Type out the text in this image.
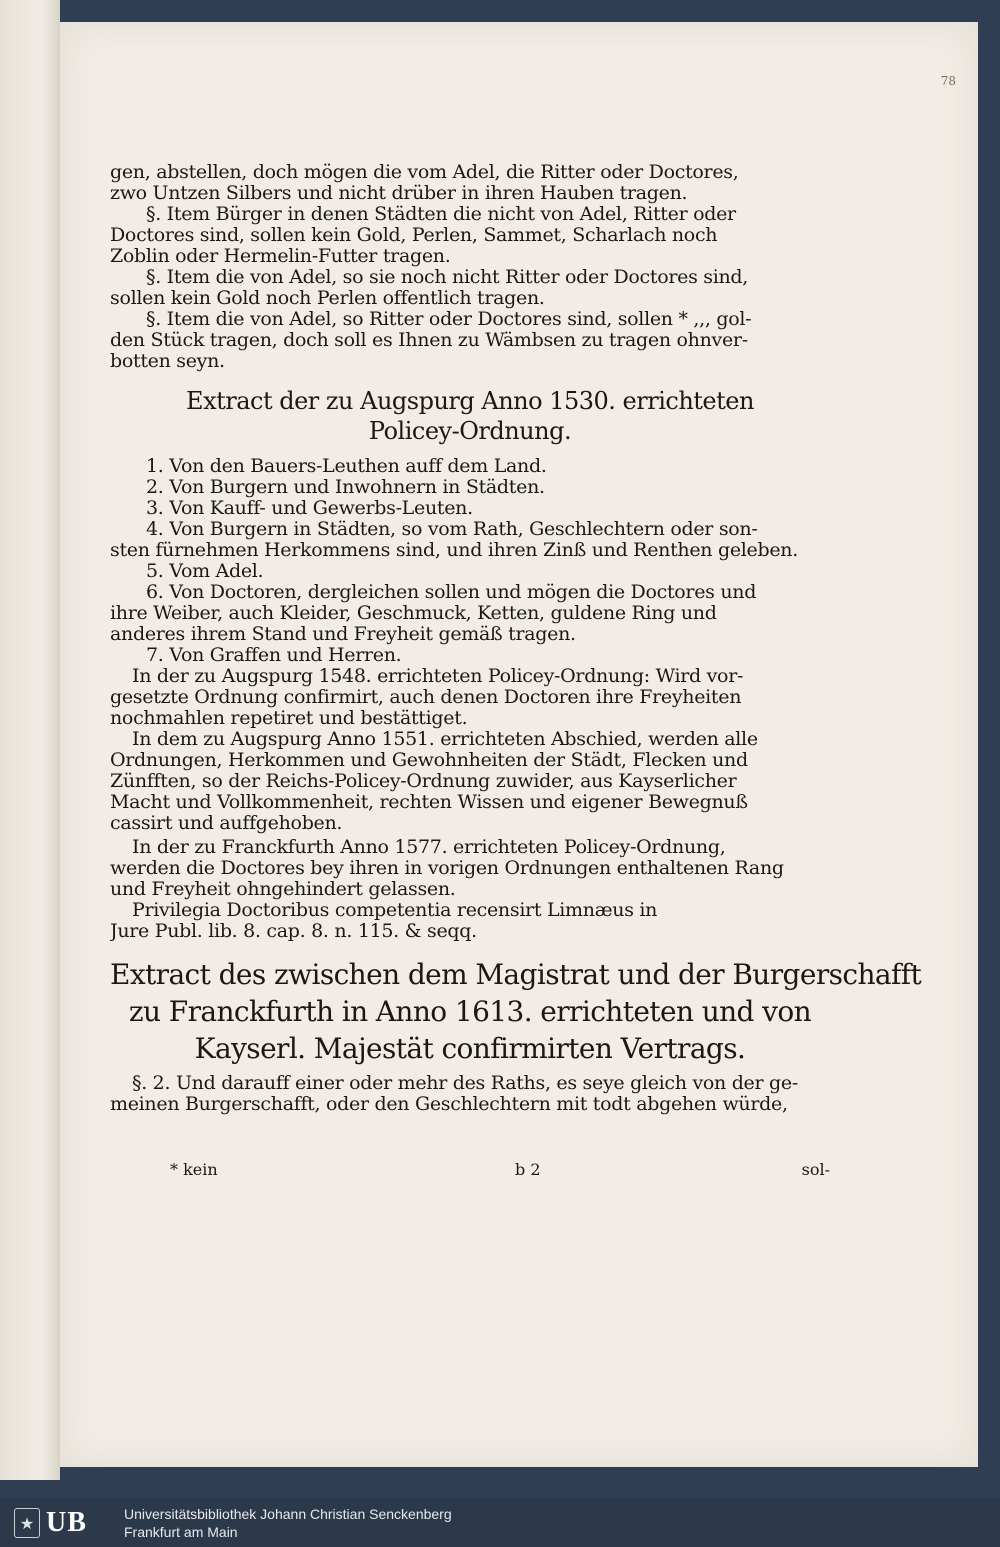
78
gen, abstellen, doch mögen die vom Adel, die Ritter oder Doctores,
zwo Untzen Silbers und nicht drüber in ihren Hauben tragen.
§. Item Bürger in denen Städten die nicht von Adel, Ritter oder
Doctores sind, sollen kein Gold, Perlen, Sammet, Scharlach noch
Zoblin oder Hermelin-Futter tragen.
§. Item die von Adel, so sie noch nicht Ritter oder Doctores sind,
sollen kein Gold noch Perlen offentlich tragen.
§. Item die von Adel, so Ritter oder Doctores sind, sollen * ,,, gol-
den Stück tragen, doch soll es Ihnen zu Wämbsen zu tragen ohnver-
botten seyn.
Extract der zu Augspurg Anno 1530. errichteten
Policey-Ordnung.
1. Von den Bauers-Leuthen auff dem Land.
2. Von Burgern und Inwohnern in Städten.
3. Von Kauff- und Gewerbs-Leuten.
4. Von Burgern in Städten, so vom Rath, Geschlechtern oder son-
sten fürnehmen Herkommens sind, und ihren Zinß und Renthen geleben.
5. Vom Adel.
6. Von Doctoren, dergleichen sollen und mögen die Doctores und
ihre Weiber, auch Kleider, Geschmuck, Ketten, guldene Ring und
anderes ihrem Stand und Freyheit gemäß tragen.
7. Von Graffen und Herren.
In der zu Augspurg 1548. errichteten Policey-Ordnung: Wird vor-
gesetzte Ordnung confirmirt, auch denen Doctoren ihre Freyheiten
nochmahlen repetiret und bestättiget.
In dem zu Augspurg Anno 1551. errichteten Abschied, werden alle
Ordnungen, Herkommen und Gewohnheiten der Städt, Flecken und
Zünfften, so der Reichs-Policey-Ordnung zuwider, aus Kayserlicher
Macht und Vollkommenheit, rechten Wissen und eigener Bewegnuß
cassirt und auffgehoben.
In der zu Franckfurth Anno 1577. errichteten Policey-Ordnung,
werden die Doctores bey ihren in vorigen Ordnungen enthaltenen Rang
und Freyheit ohngehindert gelassen.
Privilegia Doctoribus competentia recensirt Limnæus in
Jure Publ. lib. 8. cap. 8. n. 115. & seqq.
Extract des zwischen dem Magistrat und der Burgerschafft
zu Franckfurth in Anno 1613. errichteten und von
Kayserl. Majestät confirmirten Vertrags.
§. 2. Und darauff einer oder mehr des Raths, es seye gleich von der ge-
meinen Burgerschafft, oder den Geschlechtern mit todt abgehen würde,
* kein	b 2	sol-
★ UB	Universitätsbibliothek Johann Christian Senckenberg
Frankfurt am Main
